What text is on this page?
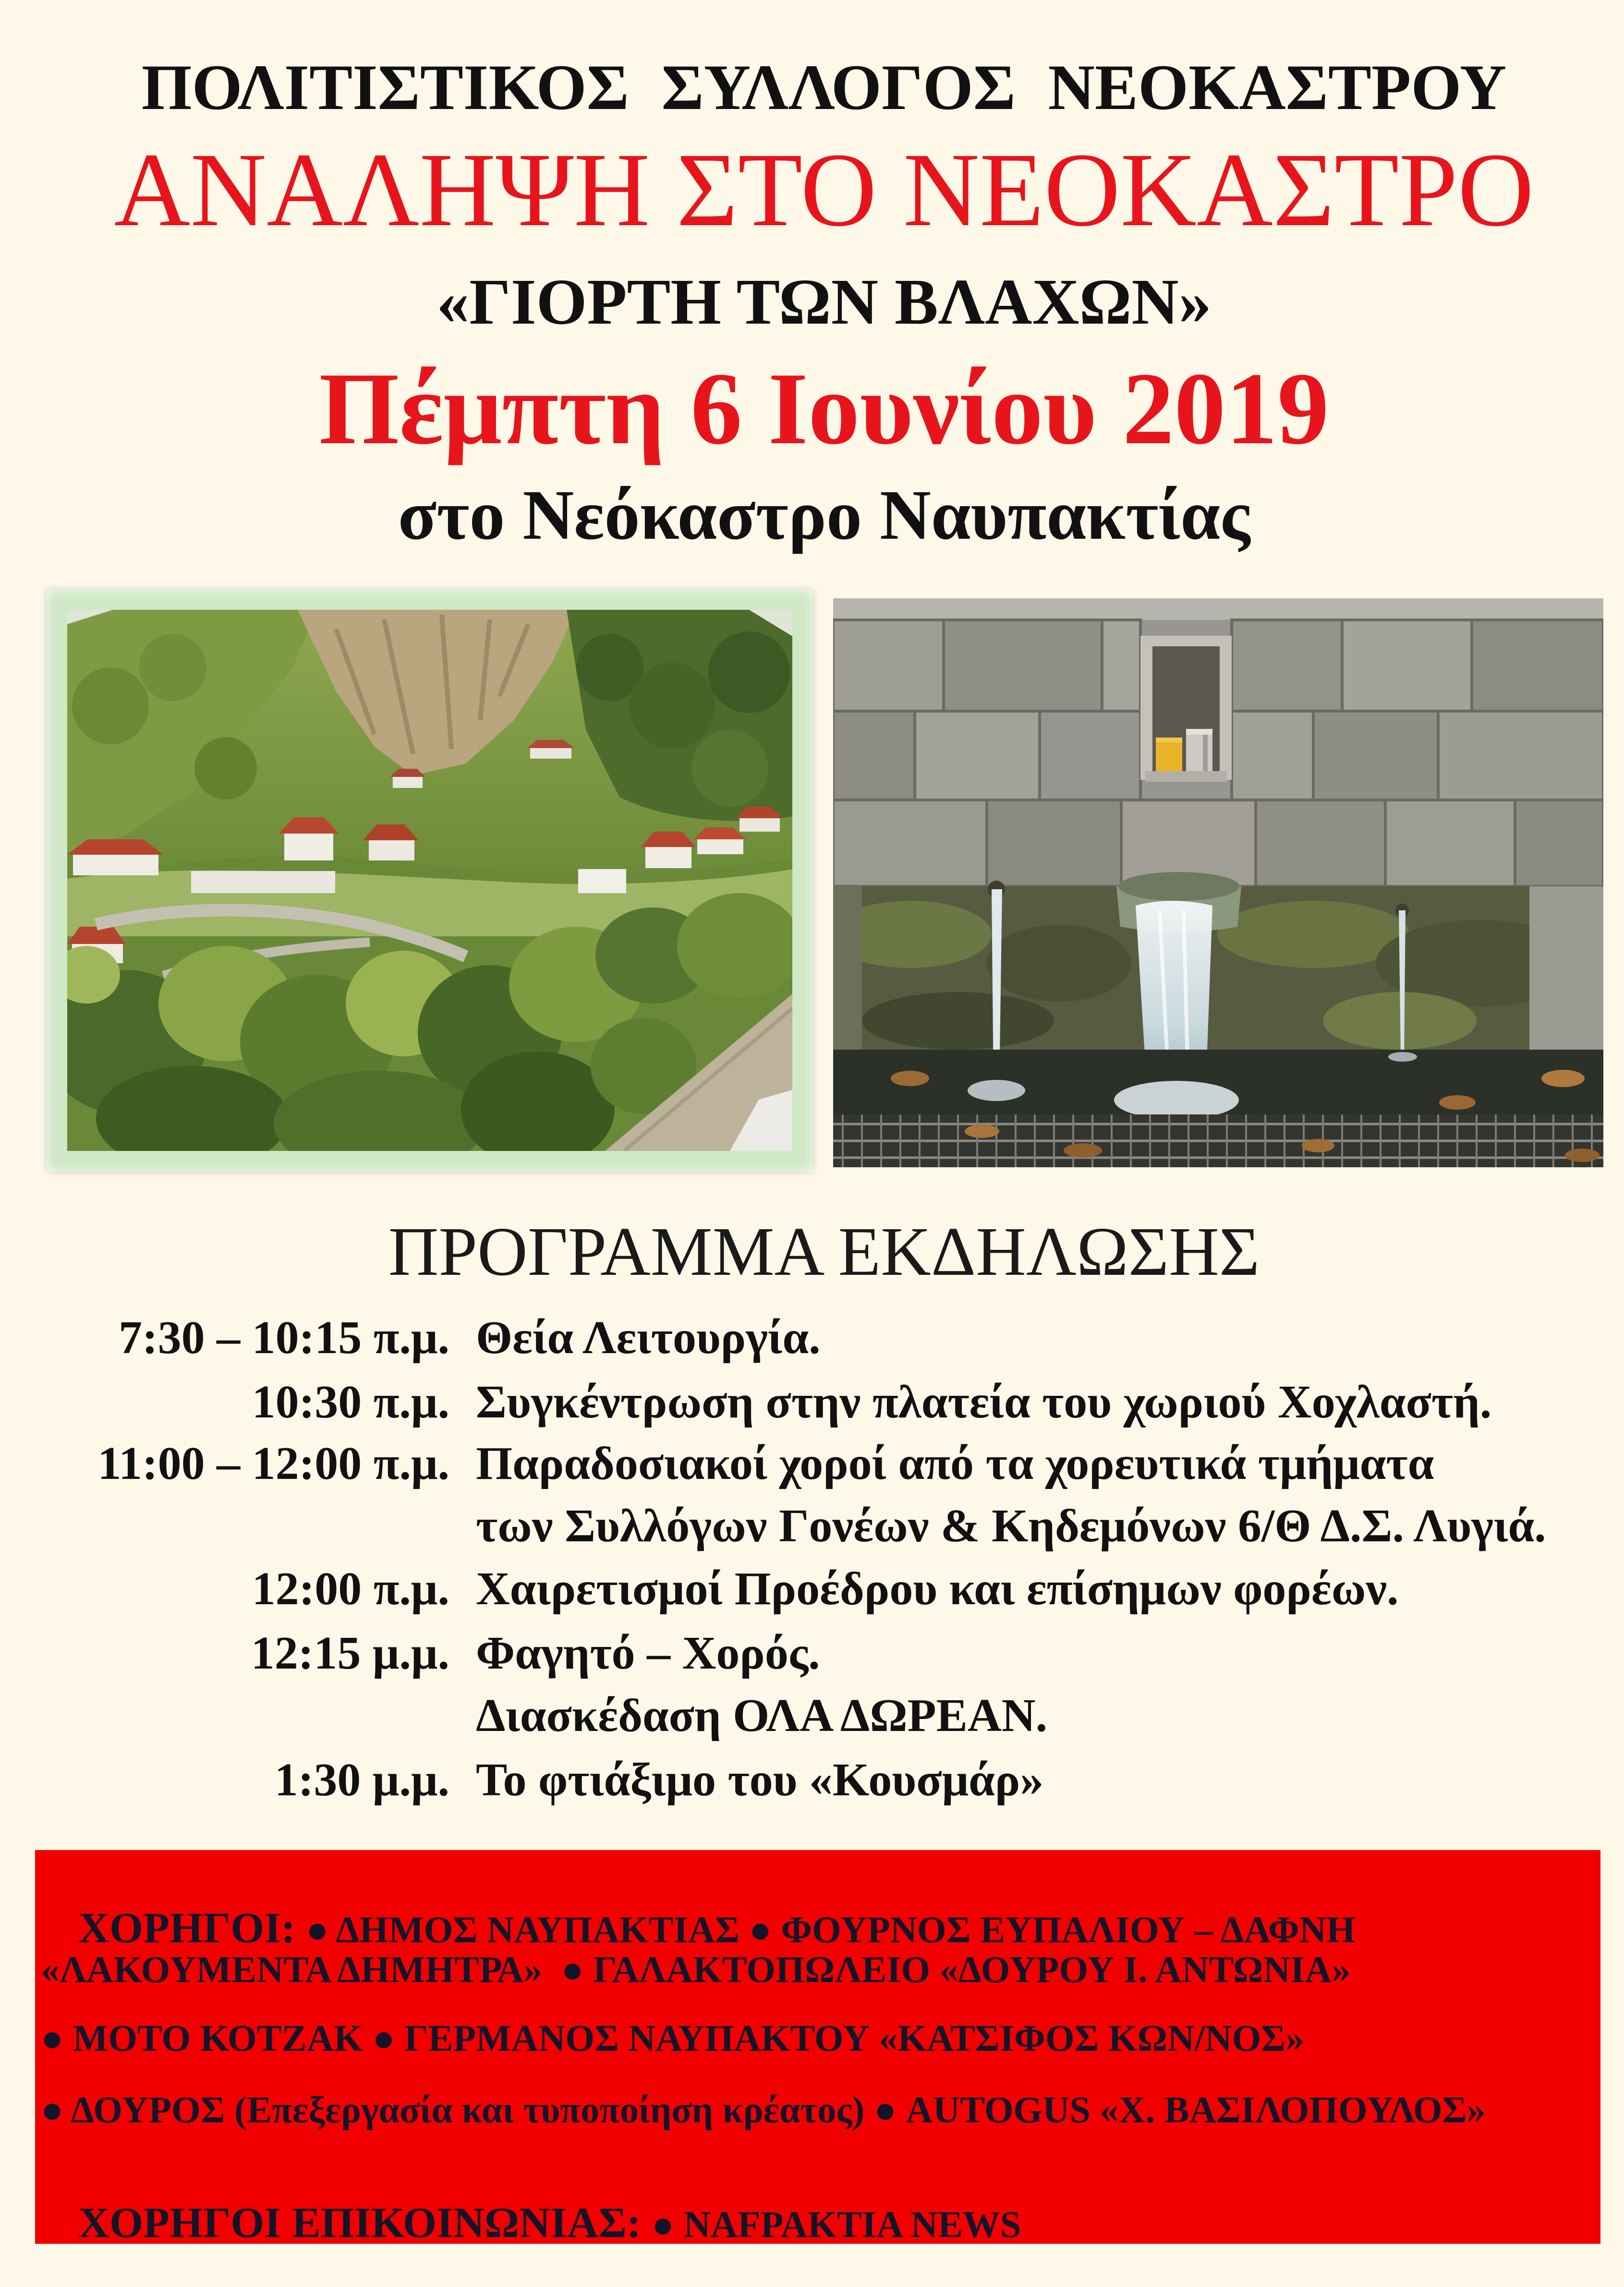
ΠΟΛΙΤΙΣΤΙΚΟΣ  ΣΥΛΛΟΓΟΣ  ΝΕΟΚΑΣΤΡΟΥ
ΑΝΑΛΗΨΗ ΣΤΟ ΝΕΟΚΑΣΤΡΟ
«ΓΙΟΡΤΗ ΤΩΝ ΒΛΑΧΩΝ»
Πέμπτη 6 Ιουνίου 2019
στο Νεόκαστρο Ναυπακτίας
ΠΡΟΓΡΑΜΜΑ ΕΚΔΗΛΩΣΗΣ
7:30 – 10:15 π.μ. Θεία Λειτουργία.
10:30 π.μ. Συγκέντρωση στην πλατεία του χωριού Χοχλαστή.
11:00 – 12:00 π.μ. Παραδοσιακοί χοροί από τα χορευτικά τμήματα
των Συλλόγων Γονέων & Κηδεμόνων 6/Θ Δ.Σ. Λυγιά.
12:00 π.μ. Χαιρετισμοί Προέδρου και επίσημων φορέων.
12:15 μ.μ. Φαγητό – Χορός.
Διασκέδαση ΟΛΑ ΔΩΡΕΑΝ.
1:30 μ.μ. Το φτιάξιμο του «Κουσμάρ»

ΧΟΡΗΓΟΙ: ● ΔΗΜΟΣ ΝΑΥΠΑΚΤΙΑΣ ● ΦΟΥΡΝΟΣ ΕΥΠΑΛΙΟΥ – ΔΑΦΝΗ

«ΛΑΚΟΥΜΕΝΤΑ ΔΗΜΗΤΡΑ»  ● ΓΑΛΑΚΤΟΠΩΛΕΙΟ «ΔΟΥΡΟΥ Ι. ΑΝΤΩΝΙΑ»
● ΜΟΤΟ ΚΟΤΖΑΚ ● ΓΕΡΜΑΝΟΣ ΝΑΥΠΑΚΤΟΥ «ΚΑΤΣΙΦΟΣ ΚΩΝ/ΝΟΣ»
● ΔΟΥΡΟΣ (Επεξεργασία και τυποποίηση κρέατος) ● AUTOGUS «Χ. ΒΑΣΙΛΟΠΟΥΛΟΣ»

ΧΟΡΗΓΟΙ ΕΠΙΚΟΙΝΩΝΙΑΣ: ● NAFPAKTIA NEWS
